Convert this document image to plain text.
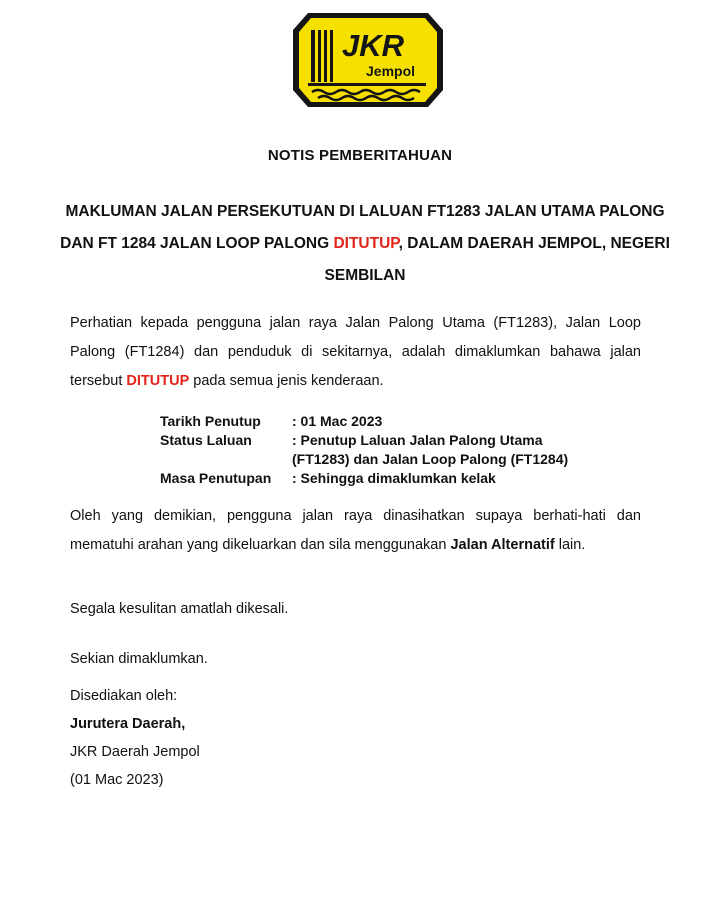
JKR
Jempol
NOTIS PEMBERITAHUAN
MAKLUMAN JALAN PERSEKUTUAN DI LALUAN FT1283 JALAN UTAMA PALONG DAN FT 1284 JALAN LOOP PALONG DITUTUP, DALAM DAERAH JEMPOL, NEGERI SEMBILAN
Perhatian kepada pengguna jalan raya Jalan Palong Utama (FT1283), Jalan Loop Palong (FT1284) dan penduduk di sekitarnya, adalah dimaklumkan bahawa jalan tersebut DITUTUP pada semua jenis kenderaan.
Tarikh Penutup	: 01 Mac 2023
Status Laluan	: Penutup Laluan Jalan Palong Utama
(FT1283) dan Jalan Loop Palong (FT1284)
Masa Penutupan	: Sehingga dimaklumkan kelak
Oleh yang demikian, pengguna jalan raya dinasihatkan supaya berhati-hati dan mematuhi arahan yang dikeluarkan dan sila menggunakan Jalan Alternatif lain.
Segala kesulitan amatlah dikesali.
Sekian dimaklumkan.
Disediakan oleh:
Jurutera Daerah,
JKR Daerah Jempol
(01 Mac 2023)
